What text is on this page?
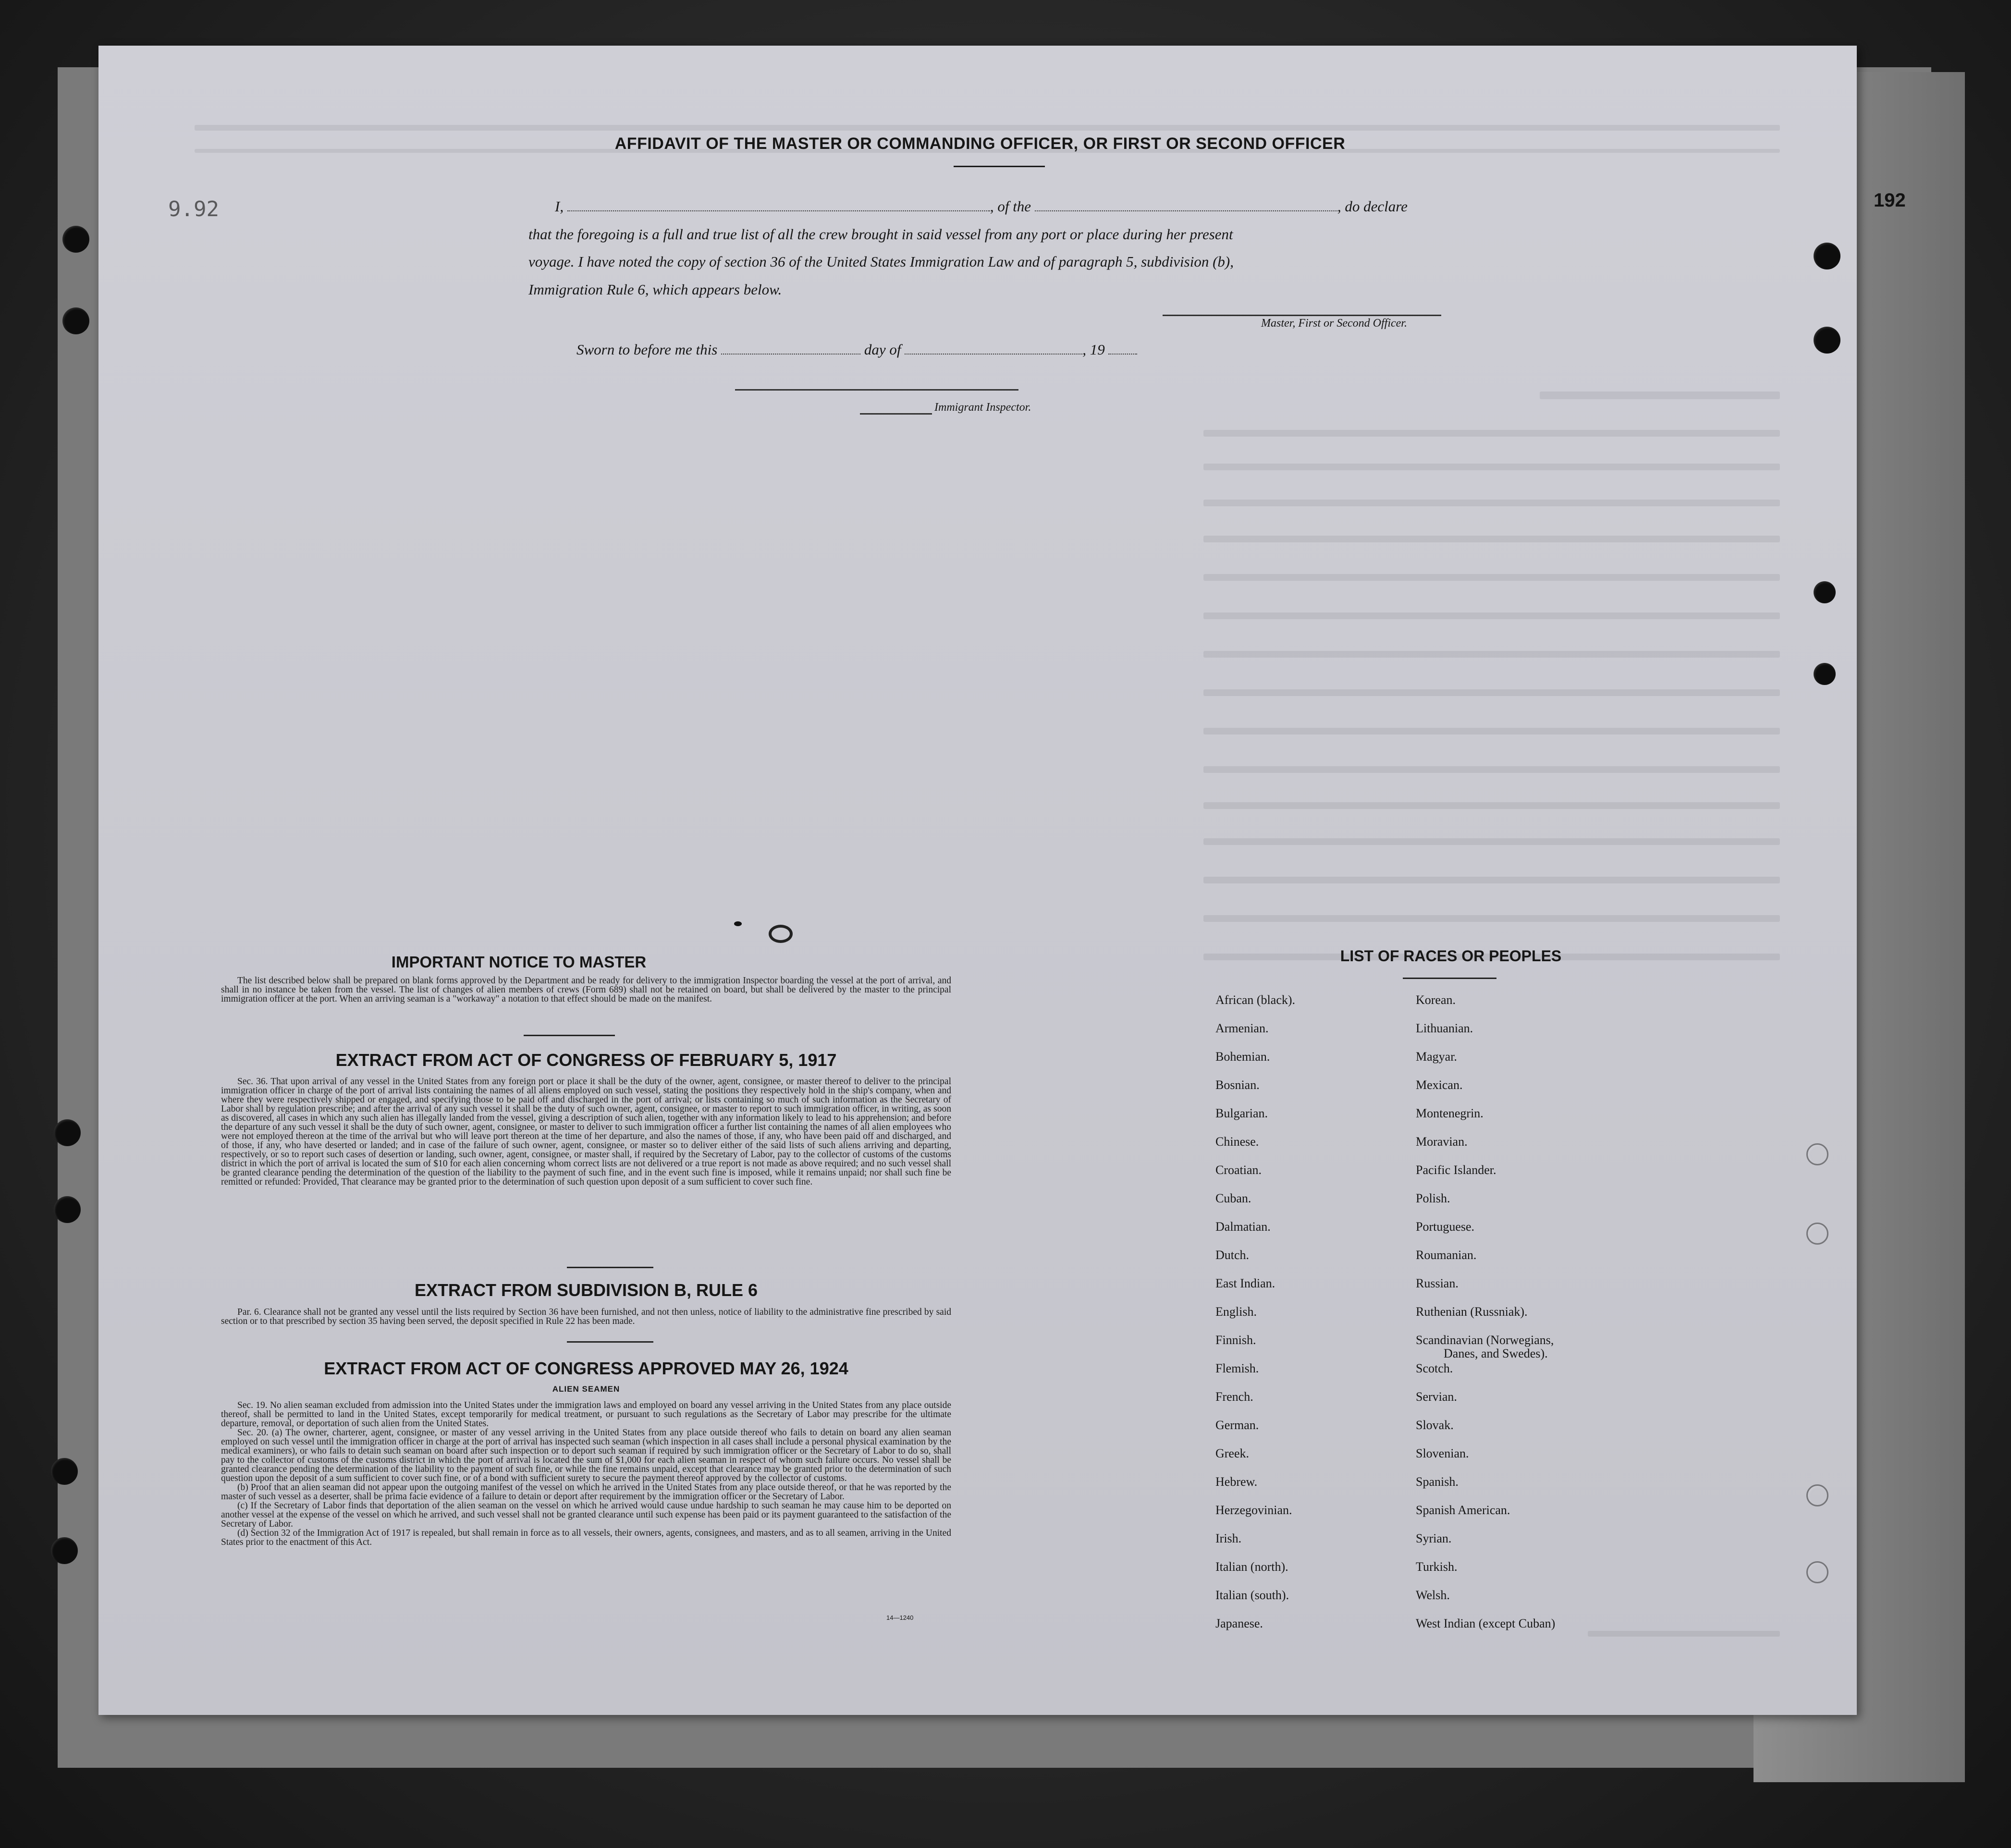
192
9.92
AFFIDAVIT OF THE MASTER OR COMMANDING OFFICER, OR FIRST OR SECOND OFFICER
I,	, of the	, do declare
that the foregoing is a full and true list of all the crew brought in said vessel from any port or place during her present
voyage. I have noted the copy of section 36 of the United States Immigration Law and of paragraph 5, subdivision (b),
Immigration Rule 6, which appears below.
Master, First or Second Officer.
Sworn to before me this	day of	, 19
Immigrant Inspector.
IMPORTANT NOTICE TO MASTER

The list described below shall be prepared on blank forms approved by the Department and be ready for delivery to the immigration Inspector boarding the vessel at the port of arrival, and shall in no instance be taken from the vessel. The list of changes of alien members of crews (Form 689) shall not be retained on board, but shall be delivered by the master to the principal immigration officer at the port. When an arriving seaman is a "workaway" a notation to that effect should be made on the manifest.

EXTRACT FROM ACT OF CONGRESS OF FEBRUARY 5, 1917

Sec. 36. That upon arrival of any vessel in the United States from any foreign port or place it shall be the duty of the owner, agent, consignee, or master thereof to deliver to the principal immigration officer in charge of the port of arrival lists containing the names of all aliens employed on such vessel, stating the positions they respectively hold in the ship's company, when and where they were respectively shipped or engaged, and specifying those to be paid off and discharged in the port of arrival; or lists containing so much of such information as the Secretary of Labor shall by regulation prescribe; and after the arrival of any such vessel it shall be the duty of such owner, agent, consignee, or master to report to such immigration officer, in writing, as soon as discovered, all cases in which any such alien has illegally landed from the vessel, giving a description of such alien, together with any information likely to lead to his apprehension; and before the departure of any such vessel it shall be the duty of such owner, agent, consignee, or master to deliver to such immigration officer a further list containing the names of all alien employees who were not employed thereon at the time of the arrival but who will leave port thereon at the time of her departure, and also the names of those, if any, who have been paid off and discharged, and of those, if any, who have deserted or landed; and in case of the failure of such owner, agent, consignee, or master so to deliver either of the said lists of such aliens arriving and departing, respectively, or so to report such cases of desertion or landing, such owner, agent, consignee, or master shall, if required by the Secretary of Labor, pay to the collector of customs of the customs district in which the port of arrival is located the sum of $10 for each alien concerning whom correct lists are not delivered or a true report is not made as above required; and no such vessel shall be granted clearance pending the determination of the question of the liability to the payment of such fine, and in the event such fine is imposed, while it remains unpaid; nor shall such fine be remitted or refunded: Provided, That clearance may be granted prior to the determination of such question upon deposit of a sum sufficient to cover such fine.

EXTRACT FROM SUBDIVISION B, RULE 6

Par. 6. Clearance shall not be granted any vessel until the lists required by Section 36 have been furnished, and not then unless, notice of liability to the administrative fine prescribed by said section or to that prescribed by section 35 having been served, the deposit specified in Rule 22 has been made.

EXTRACT FROM ACT OF CONGRESS APPROVED MAY 26, 1924
ALIEN SEAMEN

Sec. 19. No alien seaman excluded from admission into the United States under the immigration laws and employed on board any vessel arriving in the United States from any place outside thereof, shall be permitted to land in the United States, except temporarily for medical treatment, or pursuant to such regulations as the Secretary of Labor may prescribe for the ultimate departure, removal, or deportation of such alien from the United States.

Sec. 20. (a) The owner, charterer, agent, consignee, or master of any vessel arriving in the United States from any place outside thereof who fails to detain on board any alien seaman employed on such vessel until the immigration officer in charge at the port of arrival has inspected such seaman (which inspection in all cases shall include a personal physical examination by the medical examiners), or who fails to detain such seaman on board after such inspection or to deport such seaman if required by such immigration officer or the Secretary of Labor to do so, shall pay to the collector of customs of the customs district in which the port of arrival is located the sum of $1,000 for each alien seaman in respect of whom such failure occurs. No vessel shall be granted clearance pending the determination of the liability to the payment of such fine, or while the fine remains unpaid, except that clearance may be granted prior to the determination of such question upon the deposit of a sum sufficient to cover such fine, or of a bond with sufficient surety to secure the payment thereof approved by the collector of customs.

(b) Proof that an alien seaman did not appear upon the outgoing manifest of the vessel on which he arrived in the United States from any place outside thereof, or that he was reported by the master of such vessel as a deserter, shall be prima facie evidence of a failure to detain or deport after requirement by the immigration officer or the Secretary of Labor.

(c) If the Secretary of Labor finds that deportation of the alien seaman on the vessel on which he arrived would cause undue hardship to such seaman he may cause him to be deported on another vessel at the expense of the vessel on which he arrived, and such vessel shall not be granted clearance until such expense has been paid or its payment guaranteed to the satisfaction of the Secretary of Labor.

(d) Section 32 of the Immigration Act of 1917 is repealed, but shall remain in force as to all vessels, their owners, agents, consignees, and masters, and as to all seamen, arriving in the United States prior to the enactment of this Act.

14—1240
LIST OF RACES OR PEOPLES
African (black).
Armenian.
Bohemian.
Bosnian.
Bulgarian.
Chinese.
Croatian.
Cuban.
Dalmatian.
Dutch.
East Indian.
English.
Finnish.
Flemish.
French.
German.
Greek.
Hebrew.
Herzegovinian.
Irish.
Italian (north).
Italian (south).
Japanese.
Korean.
Lithuanian.
Magyar.
Mexican.
Montenegrin.
Moravian.
Pacific Islander.
Polish.
Portuguese.
Roumanian.
Russian.
Ruthenian (Russniak).
Scandinavian (Norwegians,
Danes, and Swedes).
Scotch.
Servian.
Slovak.
Slovenian.
Spanish.
Spanish American.
Syrian.
Turkish.
Welsh.
West Indian (except Cuban)
